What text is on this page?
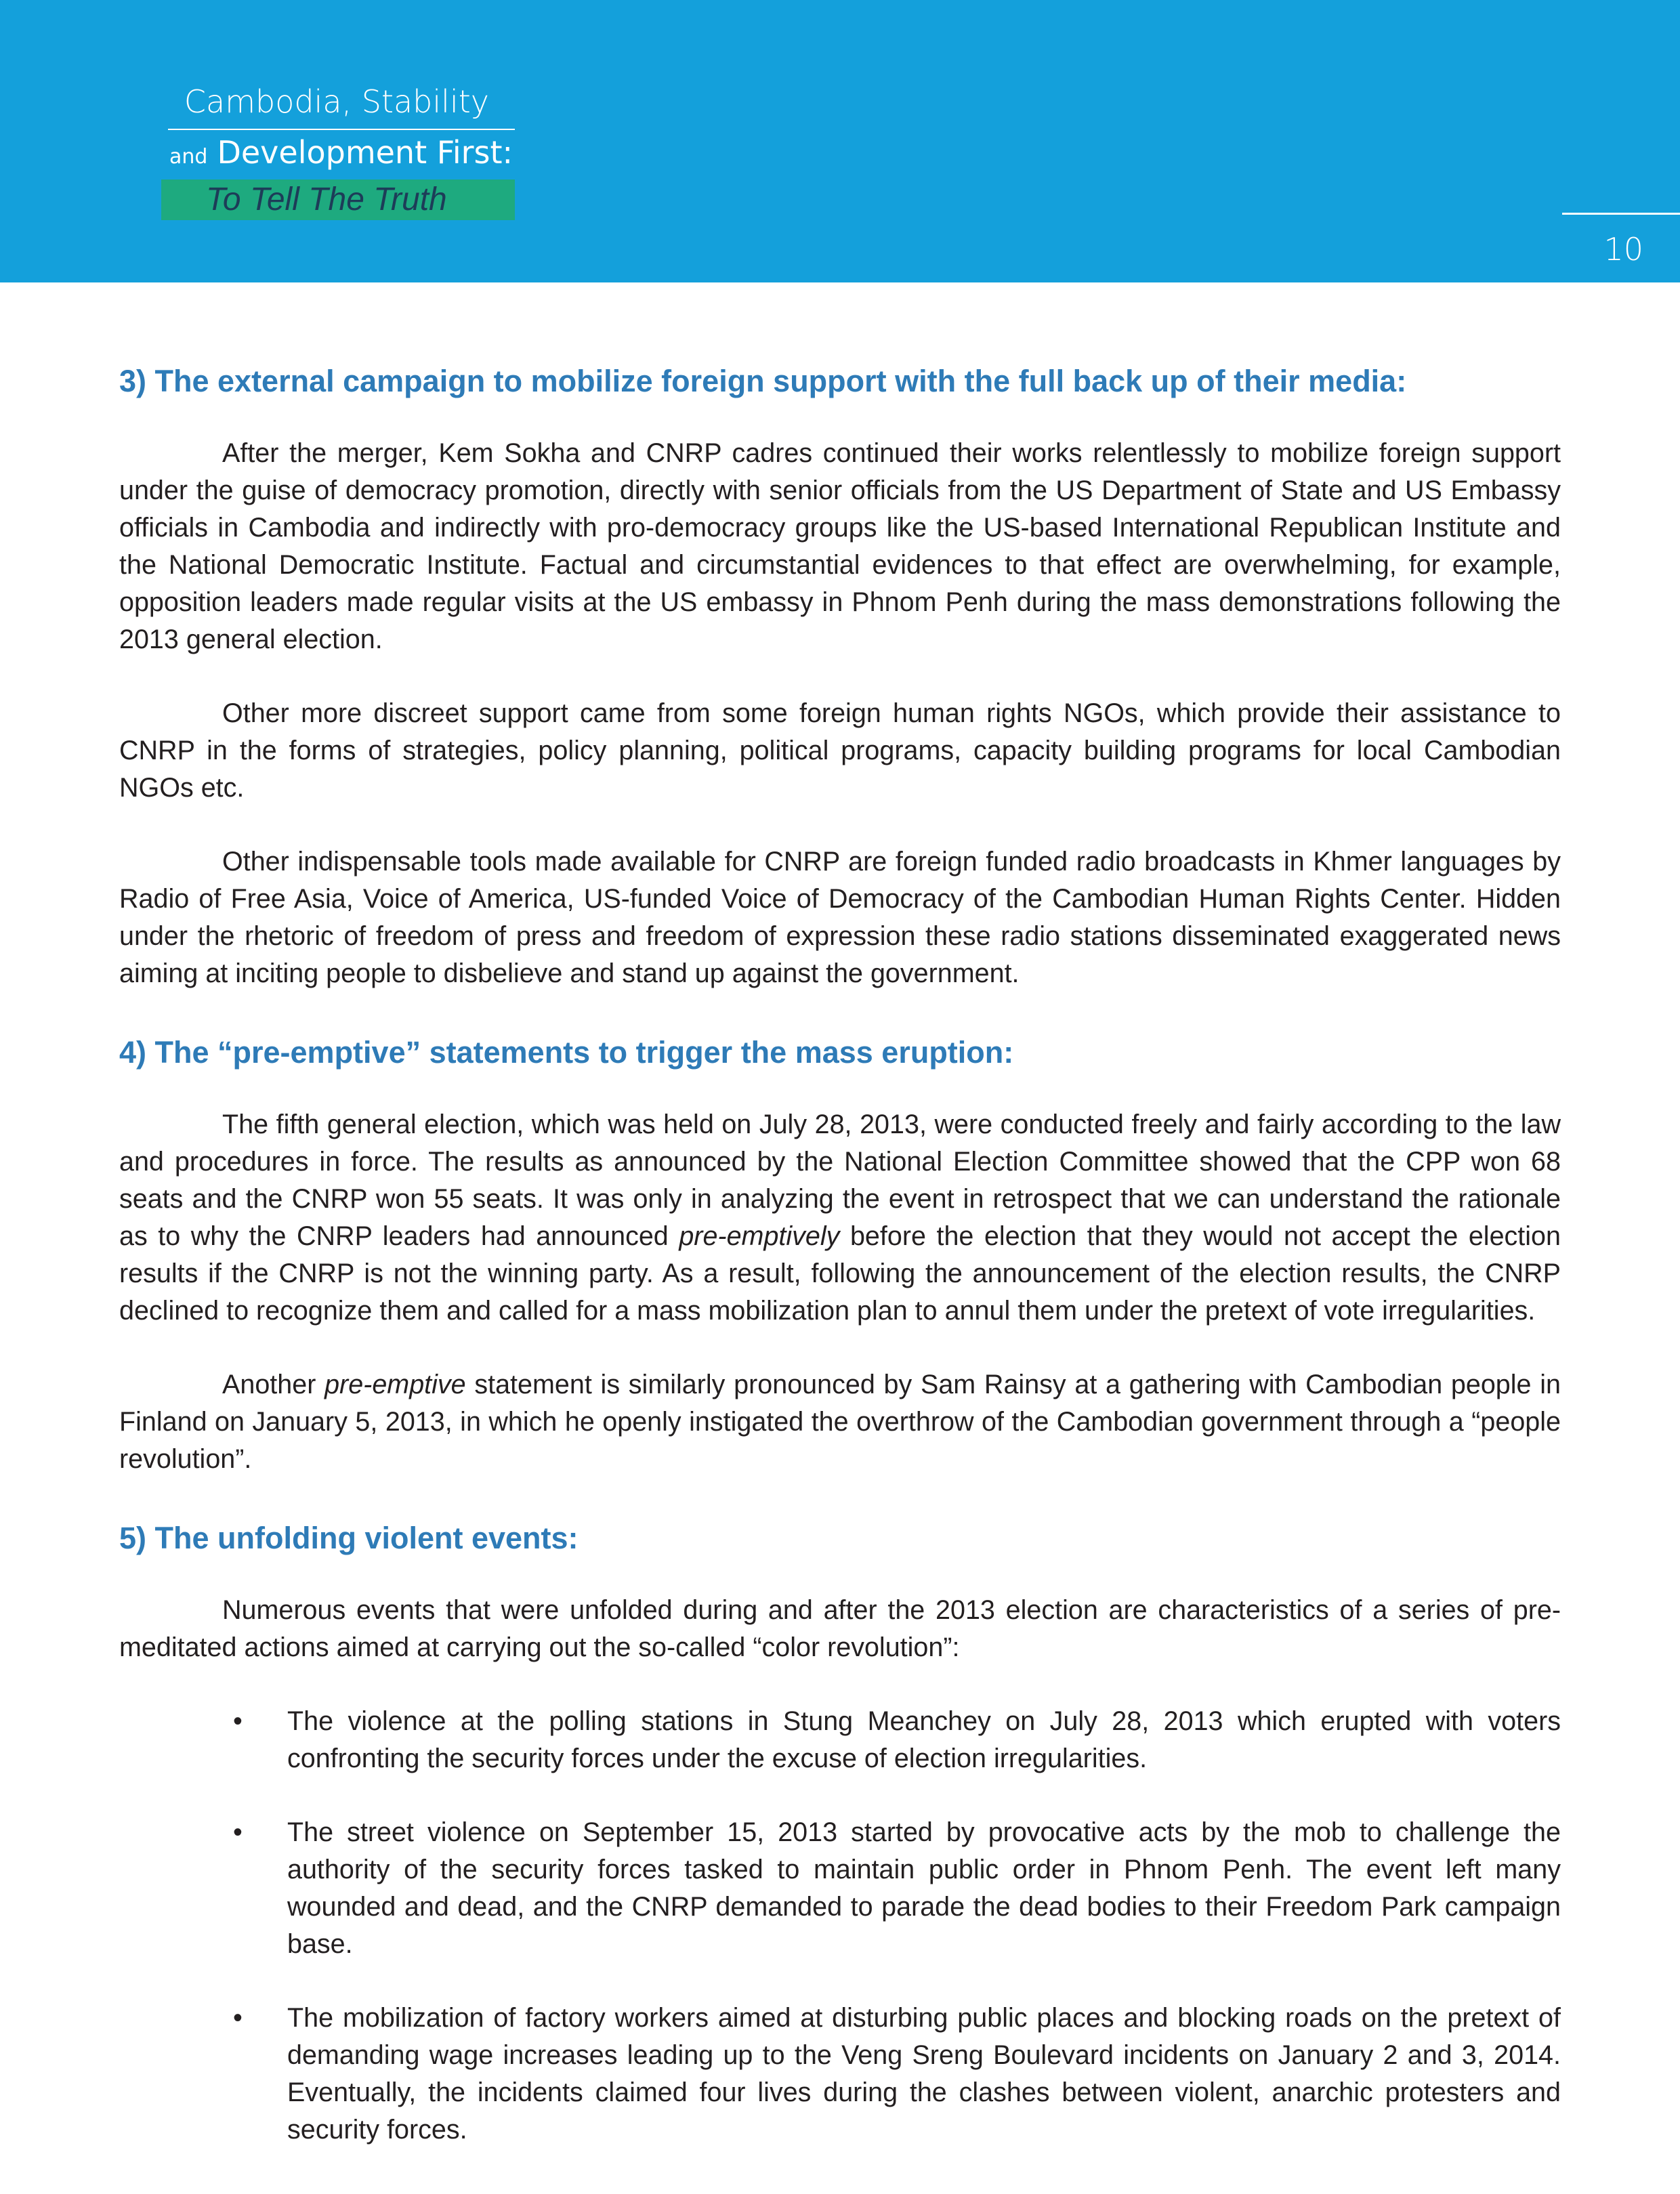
Cambodia, Stability
and Development First:
To Tell The Truth
10
3) The external campaign to mobilize foreign support with the full back up of their media:

After the merger, Kem Sokha and CNRP cadres continued their works relentlessly to mobilize foreign support under the guise of democracy promotion, directly with senior officials from the US Department of State and US Embassy officials in Cambodia and indirectly with pro-democracy groups like the US-based International Republican Institute and the National Democratic Institute. Factual and circumstantial evidences to that effect are overwhelming, for example, opposition leaders made regular visits at the US embassy in Phnom Penh during the mass demonstrations following the 2013 general election.

Other more discreet support came from some foreign human rights NGOs, which provide their assistance to CNRP in the forms of strategies, policy planning, political programs, capacity building programs for local Cambodian NGOs etc.

Other indispensable tools made available for CNRP are foreign funded radio broadcasts in Khmer languages by Radio of Free Asia, Voice of America, US-funded Voice of Democracy of the Cambodian Human Rights Center. Hidden under the rhetoric of freedom of press and freedom of expression these radio stations disseminated exaggerated news aiming at inciting people to disbelieve and stand up against the government.

4) The “pre-emptive” statements to trigger the mass eruption:

The fifth general election, which was held on July 28, 2013, were conducted freely and fairly according to the law and procedures in force. The results as announced by the National Election Committee showed that the CPP won 68 seats and the CNRP won 55 seats. It was only in analyzing the event in retrospect that we can understand the rationale as to why the CNRP leaders had announced pre-emptively before the election that they would not accept the election results if the CNRP is not the winning party. As a result, following the announcement of the election results, the CNRP declined to recognize them and called for a mass mobilization plan to annul them under the pretext of vote irregularities.

Another pre-emptive statement is similarly pronounced by Sam Rainsy at a gathering with Cambodian people in Finland on January 5, 2013, in which he openly instigated the overthrow of the Cambodian government through a “people revolution”.

5) The unfolding violent events:

Numerous events that were unfolded during and after the 2013 election are characteristics of a series of pre-meditated actions aimed at carrying out the so-called “color revolution”:

• The violence at the polling stations in Stung Meanchey on July 28, 2013 which erupted with voters confronting the security forces under the excuse of election irregularities.
• The street violence on September 15, 2013 started by provocative acts by the mob to challenge the authority of the security forces tasked to maintain public order in Phnom Penh. The event left many wounded and dead, and the CNRP demanded to parade the dead bodies to their Freedom Park campaign base.
• The mobilization of factory workers aimed at disturbing public places and blocking roads on the pretext of demanding wage increases leading up to the Veng Sreng Boulevard incidents on January 2 and 3, 2014. Eventually, the incidents claimed four lives during the clashes between violent, anarchic protesters and security forces.
